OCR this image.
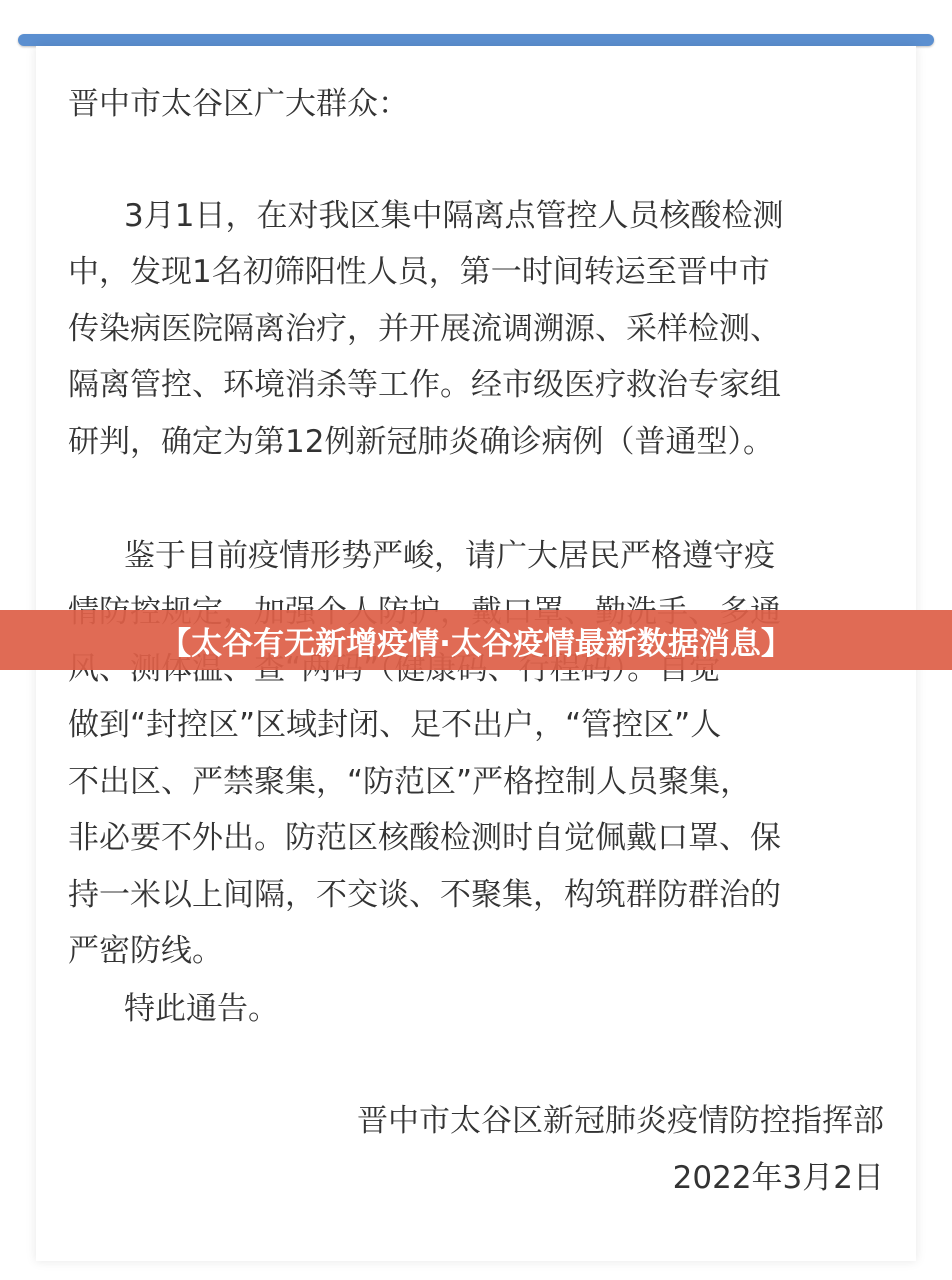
晋中市太谷区广大群众：

3月1日，在对我区集中隔离点管控人员核酸检测

中，发现1名初筛阳性人员，第一时间转运至晋中市

传染病医院隔离治疗，并开展流调溯源、采样检测、

隔离管控、环境消杀等工作。经市级医疗救治专家组

研判，确定为第12例新冠肺炎确诊病例（普通型）。

鉴于目前疫情形势严峻，请广大居民严格遵守疫

做到“封控区”区域封闭、足不出户，“管控区”人

不出区、严禁聚集，“防范区”严格控制人员聚集，

非必要不外出。防范区核酸检测时自觉佩戴口罩、保

持一米以上间隔，不交谈、不聚集，构筑群防群治的

严密防线。

特此通告。

晋中市太谷区新冠肺炎疫情防控指挥部

2022年3月2日

【太谷有无新增疫情·太谷疫情最新数据消息】
